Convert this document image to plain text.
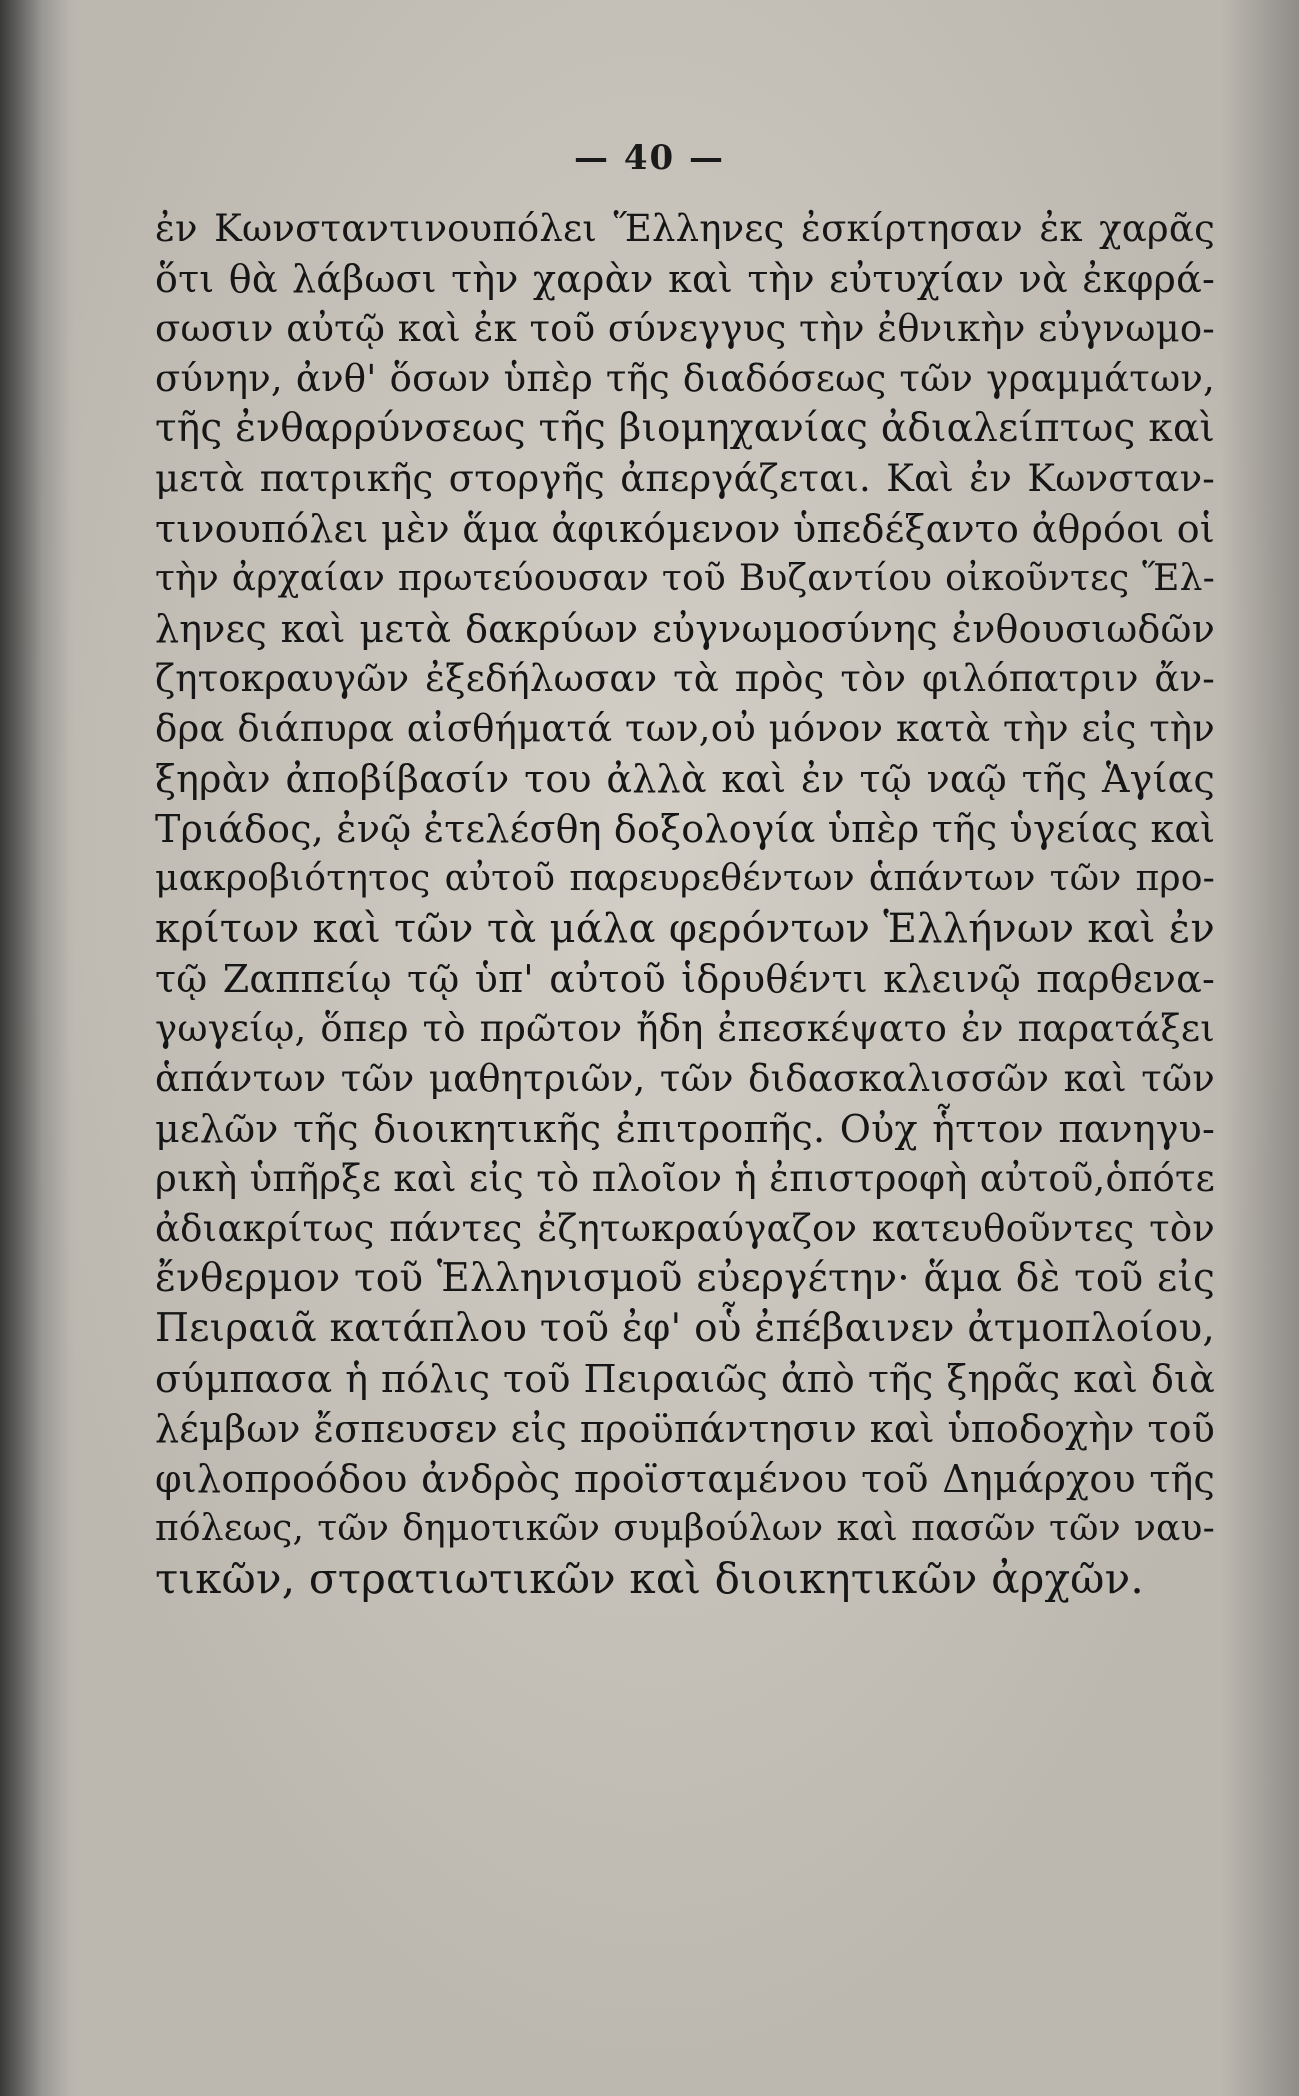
— 40 —
ἐν Κωνσταντινουπόλει Ἕλληνες ἐσκίρτησαν ἐκ χαρᾶς
ὅτι θὰ λάβωσι τὴν χαρὰν καὶ τὴν εὐτυχίαν νὰ ἐκφρά-
σωσιν αὐτῷ καὶ ἐκ τοῦ σύνεγγυς τὴν ἐθνικὴν εὐγνωμο-
σύνην, ἀνθ' ὅσων ὑπὲρ τῆς διαδόσεως τῶν γραμμάτων,
τῆς ἐνθαρρύνσεως τῆς βιομηχανίας ἀδιαλείπτως καὶ
μετὰ πατρικῆς στοργῆς ἀπεργάζεται. Καὶ ἐν Κωνσταν-
τινουπόλει μὲν ἅμα ἀφικόμενον ὑπεδέξαντο ἀθρόοι οἱ
τὴν ἀρχαίαν πρωτεύουσαν τοῦ Βυζαντίου οἰκοῦντες Ἕλ-
ληνες καὶ μετὰ δακρύων εὐγνωμοσύνης ἐνθουσιωδῶν
ζητοκραυγῶν ἐξεδήλωσαν τὰ πρὸς τὸν φιλόπατριν ἄν-
δρα διάπυρα αἰσθήματά των,οὐ μόνον κατὰ τὴν εἰς τὴν
ξηρὰν ἀποβίβασίν του ἀλλὰ καὶ ἐν τῷ ναῷ τῆς Ἁγίας
Τριάδος, ἐνῷ ἐτελέσθη δοξολογία ὑπὲρ τῆς ὑγείας καὶ
μακροβιότητος αὐτοῦ παρευρεθέντων ἁπάντων τῶν προ-
κρίτων καὶ τῶν τὰ μάλα φερόντων Ἑλλήνων καὶ ἐν
τῷ Ζαππείῳ τῷ ὑπ' αὐτοῦ ἱδρυθέντι κλεινῷ παρθενα-
γωγείῳ, ὅπερ τὸ πρῶτον ἤδη ἐπεσκέψατο ἐν παρατάξει
ἁπάντων τῶν μαθητριῶν, τῶν διδασκαλισσῶν καὶ τῶν
μελῶν τῆς διοικητικῆς ἐπιτροπῆς. Οὐχ ἧττον πανηγυ-
ρικὴ ὑπῆρξε καὶ εἰς τὸ πλοῖον ἡ ἐπιστροφὴ αὐτοῦ,ὁπότε
ἀδιακρίτως πάντες ἐζητωκραύγαζον κατευθοῦντες τὸν
ἔνθερμον τοῦ Ἑλληνισμοῦ εὐεργέτην· ἅμα δὲ τοῦ εἰς
Πειραιᾶ κατάπλου τοῦ ἐφ' οὗ ἐπέβαινεν ἀτμοπλοίου,
σύμπασα ἡ πόλις τοῦ Πειραιῶς ἀπὸ τῆς ξηρᾶς καὶ διὰ
λέμβων ἔσπευσεν εἰς προϋπάντησιν καὶ ὑποδοχὴν τοῦ
φιλοπροόδου ἀνδρὸς προϊσταμένου τοῦ Δημάρχου τῆς
πόλεως, τῶν δημοτικῶν συμβούλων καὶ πασῶν τῶν ναυ-
τικῶν, στρατιωτικῶν καὶ διοικητικῶν ἀρχῶν.
